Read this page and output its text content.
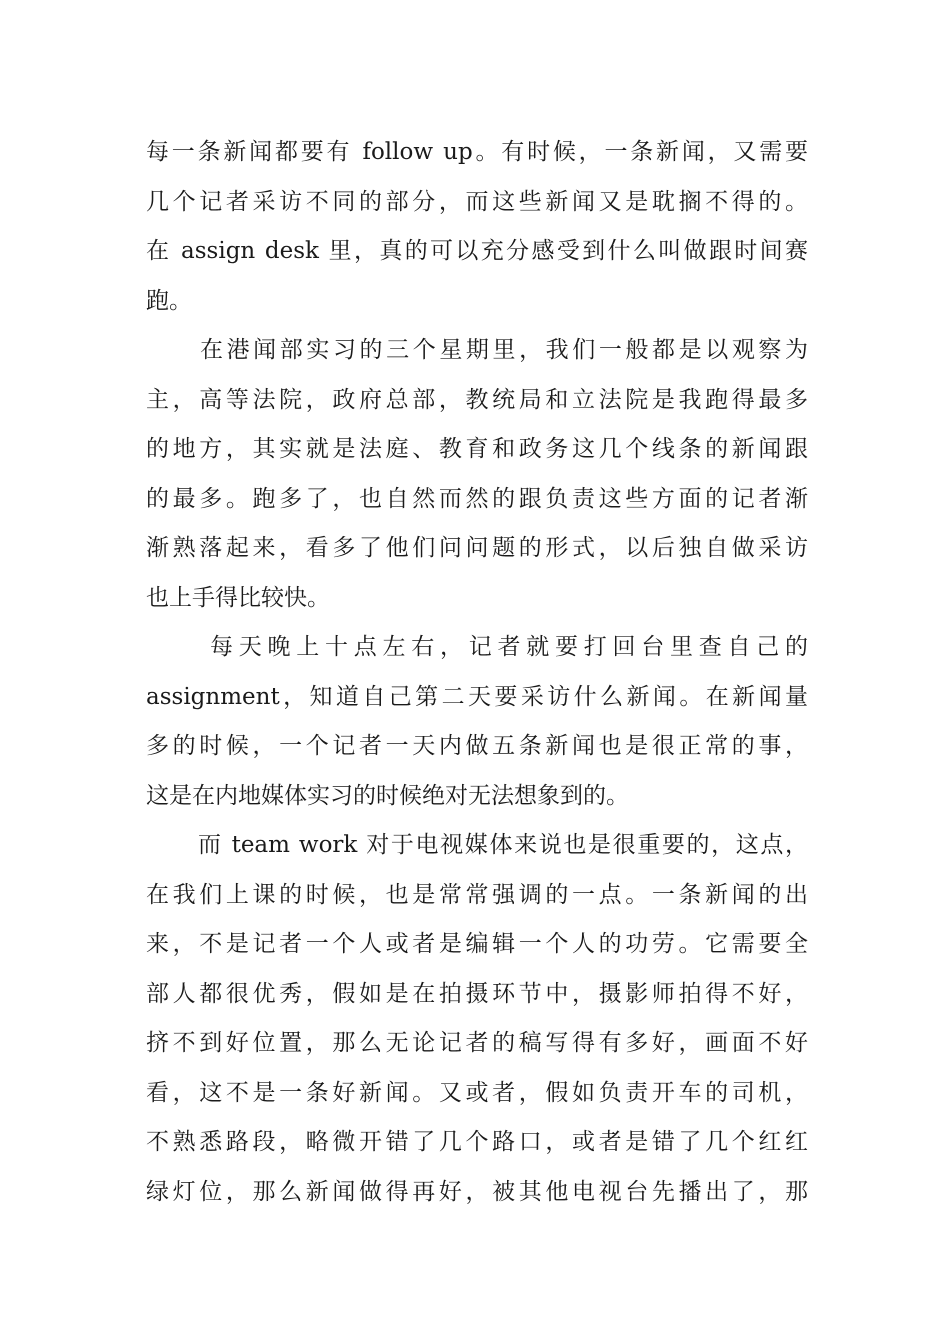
每一条新闻都要有 follow up。有时候，一条新闻，又需要
几个记者采访不同的部分，而这些新闻又是耽搁不得的。
在 assign desk 里，真的可以充分感受到什么叫做跟时间赛
跑。
在港闻部实习的三个星期里，我们一般都是以观察为
主，高等法院，政府总部，教统局和立法院是我跑得最多
的地方，其实就是法庭、教育和政务这几个线条的新闻跟
的最多。跑多了，也自然而然的跟负责这些方面的记者渐
渐熟落起来，看多了他们问问题的形式，以后独自做采访
也上手得比较快。
每天晚上十点左右，记者就要打回台里查自己的
assignment，知道自己第二天要采访什么新闻。在新闻量
多的时候，一个记者一天内做五条新闻也是很正常的事，
这是在内地媒体实习的时候绝对无法想象到的。
而 team work 对于电视媒体来说也是很重要的，这点，
在我们上课的时候，也是常常强调的一点。一条新闻的出
来，不是记者一个人或者是编辑一个人的功劳。它需要全
部人都很优秀，假如是在拍摄环节中，摄影师拍得不好，
挤不到好位置，那么无论记者的稿写得有多好，画面不好
看，这不是一条好新闻。又或者，假如负责开车的司机，
不熟悉路段，略微开错了几个路口，或者是错了几个红红
绿灯位，那么新闻做得再好，被其他电视台先播出了，那
